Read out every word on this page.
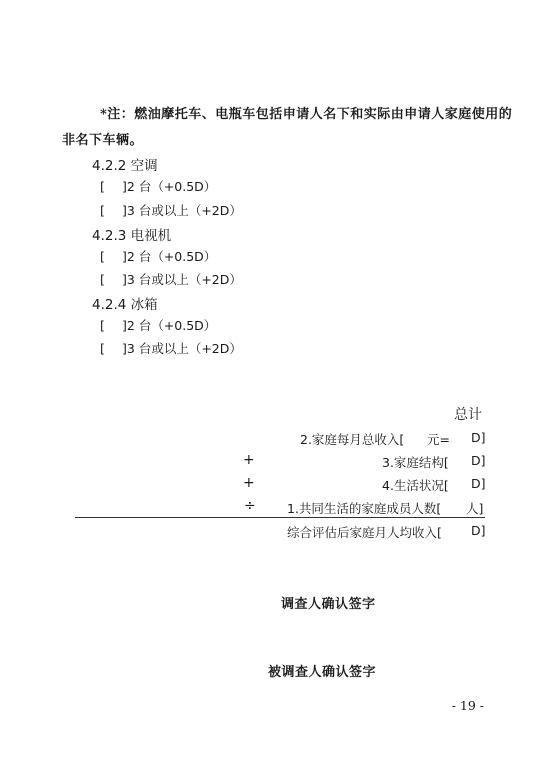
*注：燃油摩托车、电瓶车包括申请人名下和实际由申请人家庭使用的
非名下车辆。
4.2.2 空调
[ ]2 台（+0.5D）
[ ]3 台或以上（+2D）
4.2.3 电视机
[ ]2 台（+0.5D）
[ ]3 台或以上（+2D）
4.2.4 冰箱
[ ]2 台（+0.5D）
[ ]3 台或以上（+2D）
总计
2.家庭每月总收入[ 元= D]
+	3.家庭结构[ D]
+	4.生活状况[ D]
÷	1.共同生活的家庭成员人数[ 人]
综合评估后家庭月人均收入[ D]
调查人确认签字
被调查人确认签字
- 19 -
